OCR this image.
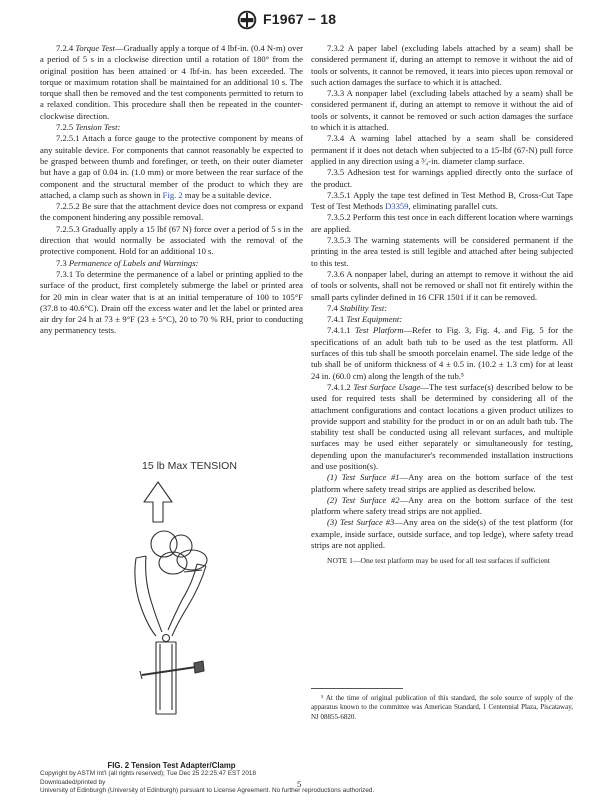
F1967 − 18

7.2.4 Torque Test—Gradually apply a torque of 4 lbf-in. (0.4 N-m) over a period of 5 s in a clockwise direction until a rotation of 180° from the original position has been attained or 4 lbf-in. has been exceeded. The torque or maximum rotation shall be maintained for an additional 10 s. The torque shall then be removed and the test components permitted to return to a relaxed condition. This procedure shall then be repeated in the counter-clockwise direction.

7.2.5 Tension Test:

7.2.5.1 Attach a force gauge to the protective component by means of any suitable device. For components that cannot reasonably be expected to be grasped between thumb and forefinger, or teeth, on their outer diameter but have a gap of 0.04 in. (1.0 mm) or more between the rear surface of the component and the structural member of the product to which they are attached, a clamp such as shown in Fig. 2 may be a suitable device.

7.2.5.2 Be sure that the attachment device does not compress or expand the component hindering any possible removal.

7.2.5.3 Gradually apply a 15 lbf (67 N) force over a period of 5 s in the direction that would normally be associated with the removal of the protective component. Hold for an additional 10 s.

7.3 Permanence of Labels and Warnings:

7.3.1 To determine the permanence of a label or printing applied to the surface of the product, first completely submerge the label or printed area for 20 min in clear water that is at an initial temperature of 100 to 105°F (37.8 to 40.6°C). Drain off the excess water and let the label or printed area air dry for 24 h at 73 ± 9°F (23 ± 5°C), 20 to 70 % RH, prior to conducting any permanency tests.

15 lb Max TENSION
FIG. 2 Tension Test Adapter/Clamp

7.3.2 A paper label (excluding labels attached by a seam) shall be considered permanent if, during an attempt to remove it without the aid of tools or solvents, it cannot be removed, it tears into pieces upon removal or such action damages the surface to which it is attached.

7.3.3 A nonpaper label (excluding labels attached by a seam) shall be considered permanent if, during an attempt to remove it without the aid of tools or solvents, it cannot be removed or such action damages the surface to which it is attached.

7.3.4 A warning label attached by a seam shall be considered permanent if it does not detach when subjected to a 15-lbf (67-N) pull force applied in any direction using a ³⁄₄-in. diameter clamp surface.

7.3.5 Adhesion test for warnings applied directly onto the surface of the product.

7.3.5.1 Apply the tape test defined in Test Method B, Cross-Cut Tape Test of Test Methods D3359, eliminating parallel cuts.

7.3.5.2 Perform this test once in each different location where warnings are applied.

7.3.5.3 The warning statements will be considered permanent if the printing in the area tested is still legible and attached after being subjected to this test.

7.3.6 A nonpaper label, during an attempt to remove it without the aid of tools or solvents, shall not be removed or shall not fit entirely within the small parts cylinder defined in 16 CFR 1501 if it can be removed.

7.4 Stability Test:

7.4.1 Test Equipment:

7.4.1.1 Test Platform—Refer to Fig. 3, Fig. 4, and Fig. 5 for the specifications of an adult bath tub to be used as the test platform. All surfaces of this tub shall be smooth porcelain enamel. The side ledge of the tub shall be of uniform thickness of 4 ± 0.5 in. (10.2 ± 1.3 cm) for at least 24 in. (60.0 cm) along the length of the tub.⁵

7.4.1.2 Test Surface Usage—The test surface(s) described below to be used for required tests shall be determined by considering all of the attachment configurations and contact locations a given product utilizes to provide support and stability for the product in or on an adult bath tub. The stability test shall be conducted using all relevant surfaces, and multiple surfaces may be used either separately or simultaneously for testing, depending upon the manufacturer's recommended installation instructions and use position(s).

(1) Test Surface #1—Any area on the bottom surface of the test platform where safety tread strips are applied as described below.

(2) Test Surface #2—Any area on the bottom surface of the test platform where safety tread strips are not applied.

(3) Test Surface #3—Any area on the side(s) of the test platform (for example, inside surface, outside surface, and top ledge), where safety tread strips are not applied.

NOTE 1—One test platform may be used for all test surfaces if sufficient

⁵ At the time of original publication of this standard, the sole source of supply of the apparatus known to the committee was American Standard, 1 Centennial Plaza, Piscataway, NJ 08855-6820.
Copyright by ASTM Int'l (all rights reserved); Tue Dec 25 22:25:47 EST 2018
Downloaded/printed by
University of Edinburgh (University of Edinburgh) pursuant to License Agreement. No further reproductions authorized.
5
